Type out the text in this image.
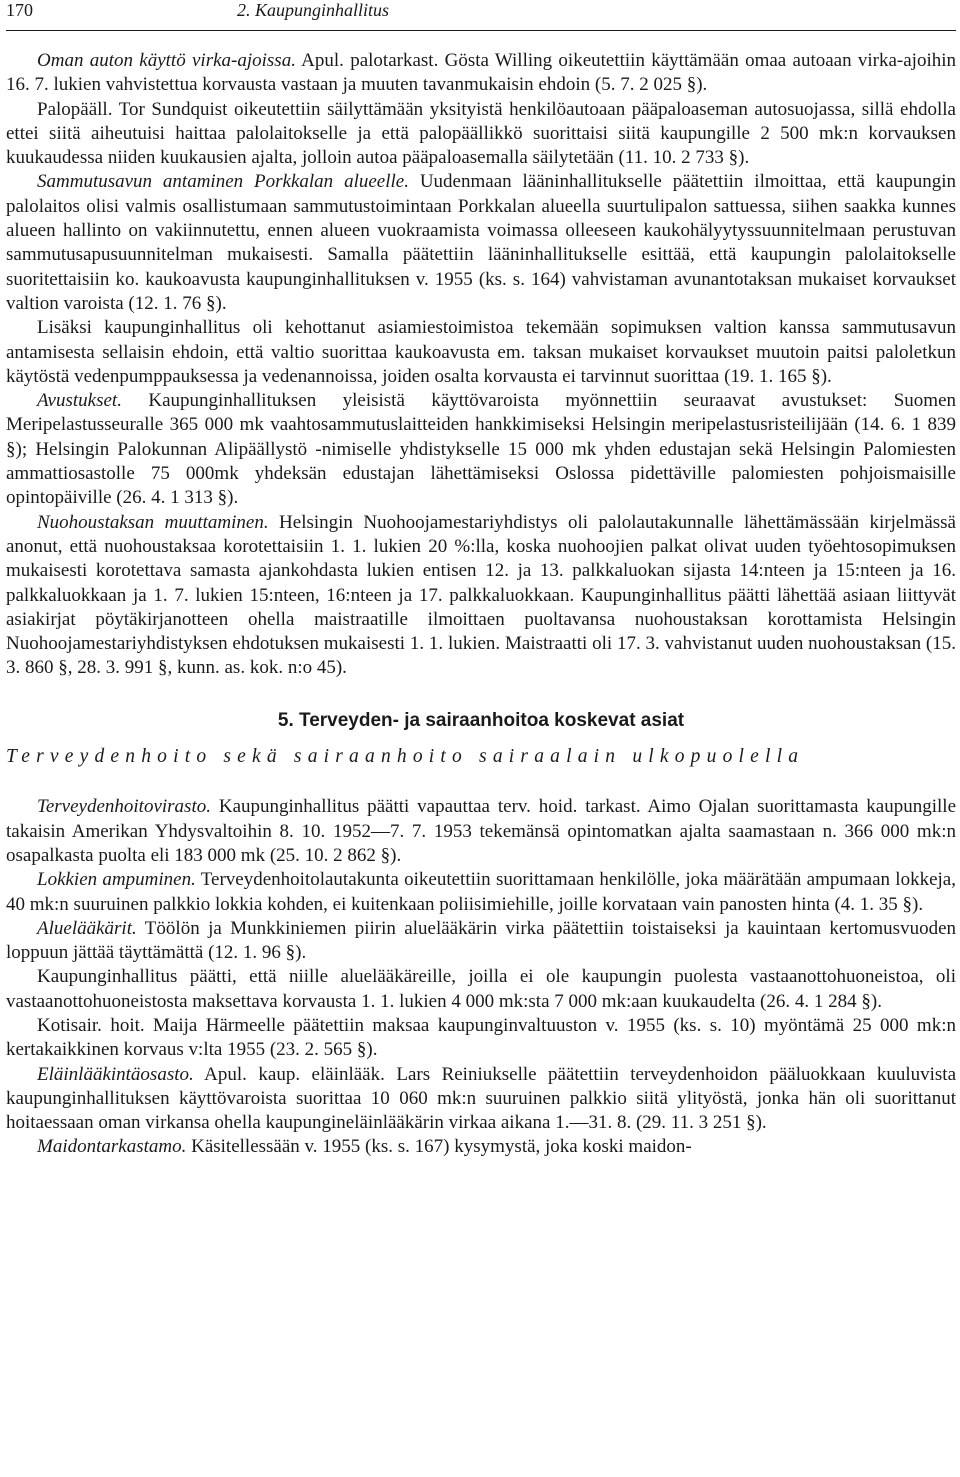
170	2. Kaupunginhallitus

Oman auton käyttö virka-ajoissa. Apul. palotarkast. Gösta Willing oikeutettiin käyttämään omaa autoaan virka-ajoihin 16. 7. lukien vahvistettua korvausta vastaan ja muuten tavanmukaisin ehdoin (5. 7. 2 025 §).

Palopääll. Tor Sundquist oikeutettiin säilyttämään yksityistä henkilöautoaan pääpaloaseman autosuojassa, sillä ehdolla ettei siitä aiheutuisi haittaa palolaitokselle ja että palopäällikkö suorittaisi siitä kaupungille 2 500 mk:n korvauksen kuukaudessa niiden kuukausien ajalta, jolloin autoa pääpaloasemalla säilytetään (11. 10. 2 733 §).

Sammutusavun antaminen Porkkalan alueelle. Uudenmaan lääninhallitukselle päätettiin ilmoittaa, että kaupungin palolaitos olisi valmis osallistumaan sammutustoimintaan Porkkalan alueella suurtulipalon sattuessa, siihen saakka kunnes alueen hallinto on vakiinnutettu, ennen alueen vuokraamista voimassa olleeseen kaukohälyytyssuunnitelmaan perustuvan sammutusapusuunnitelman mukaisesti. Samalla päätettiin lääninhallitukselle esittää, että kaupungin palolaitokselle suoritettaisiin ko. kaukoavusta kaupunginhallituksen v. 1955 (ks. s. 164) vahvistaman avunantotaksan mukaiset korvaukset valtion varoista (12. 1. 76 §).

Lisäksi kaupunginhallitus oli kehottanut asiamiestoimistoa tekemään sopimuksen valtion kanssa sammutusavun antamisesta sellaisin ehdoin, että valtio suorittaa kaukoavusta em. taksan mukaiset korvaukset muutoin paitsi paloletkun käytöstä vedenpumppauksessa ja vedenannoissa, joiden osalta korvausta ei tarvinnut suorittaa (19. 1. 165 §).

Avustukset. Kaupunginhallituksen yleisistä käyttövaroista myönnettiin seuraavat avustukset: Suomen Meripelastusseuralle 365 000 mk vaahtosammutuslaitteiden hankkimiseksi Helsingin meripelastusristeilijään (14. 6. 1 839 §); Helsingin Palokunnan Alipäällystö -nimiselle yhdistykselle 15 000 mk yhden edustajan sekä Helsingin Palomiesten ammattiosastolle 75 000mk yhdeksän edustajan lähettämiseksi Oslossa pidettäville palomiesten pohjoismaisille opintopäiville (26. 4. 1 313 §).

Nuohoustaksan muuttaminen. Helsingin Nuohoojamestariyhdistys oli palolautakunnalle lähettämässään kirjelmässä anonut, että nuohoustaksaa korotettaisiin 1. 1. lukien 20 %:lla, koska nuohoojien palkat olivat uuden työehtosopimuksen mukaisesti korotettava samasta ajankohdasta lukien entisen 12. ja 13. palkkaluokan sijasta 14:nteen ja 15:nteen ja 16. palkkaluokkaan ja 1. 7. lukien 15:nteen, 16:nteen ja 17. palkkaluokkaan. Kaupunginhallitus päätti lähettää asiaan liittyvät asiakirjat pöytäkirjanotteen ohella maistraatille ilmoittaen puoltavansa nuohoustaksan korottamista Helsingin Nuohoojamestariyhdistyksen ehdotuksen mukaisesti 1. 1. lukien. Maistraatti oli 17. 3. vahvistanut uuden nuohoustaksan (15. 3. 860 §, 28. 3. 991 §, kunn. as. kok. n:o 45).

5. Terveyden- ja sairaanhoitoa koskevat asiat
Terveydenhoito sekä sairaanhoito sairaalain ulkopuolella

Terveydenhoitovirasto. Kaupunginhallitus päätti vapauttaa terv. hoid. tarkast. Aimo Ojalan suorittamasta kaupungille takaisin Amerikan Yhdysvaltoihin 8. 10. 1952—7. 7. 1953 tekemänsä opintomatkan ajalta saamastaan n. 366 000 mk:n osapalkasta puolta eli 183 000 mk (25. 10. 2 862 §).

Lokkien ampuminen. Terveydenhoitolautakunta oikeutettiin suorittamaan henkilölle, joka määrätään ampumaan lokkeja, 40 mk:n suuruinen palkkio lokkia kohden, ei kuitenkaan poliisimiehille, joille korvataan vain panosten hinta (4. 1. 35 §).

Aluelääkärit. Töölön ja Munkkiniemen piirin aluelääkärin virka päätettiin toistaiseksi ja kauintaan kertomusvuoden loppuun jättää täyttämättä (12. 1. 96 §).

Kaupunginhallitus päätti, että niille aluelääkäreille, joilla ei ole kaupungin puolesta vastaanottohuoneistoa, oli vastaanottohuoneistosta maksettava korvausta 1. 1. lukien 4 000 mk:sta 7 000 mk:aan kuukaudelta (26. 4. 1 284 §).

Kotisair. hoit. Maija Härmeelle päätettiin maksaa kaupunginvaltuuston v. 1955 (ks. s. 10) myöntämä 25 000 mk:n kertakaikkinen korvaus v:lta 1955 (23. 2. 565 §).

Eläinlääkintäosasto. Apul. kaup. eläinlääk. Lars Reiniukselle päätettiin terveydenhoidon pääluokkaan kuuluvista kaupunginhallituksen käyttövaroista suorittaa 10 060 mk:n suuruinen palkkio siitä ylityöstä, jonka hän oli suorittanut hoitaessaan oman virkansa ohella kaupungineläinlääkärin virkaa aikana 1.—31. 8. (29. 11. 3 251 §).

Maidontarkastamo. Käsitellessään v. 1955 (ks. s. 167) kysymystä, joka koski maidon-
